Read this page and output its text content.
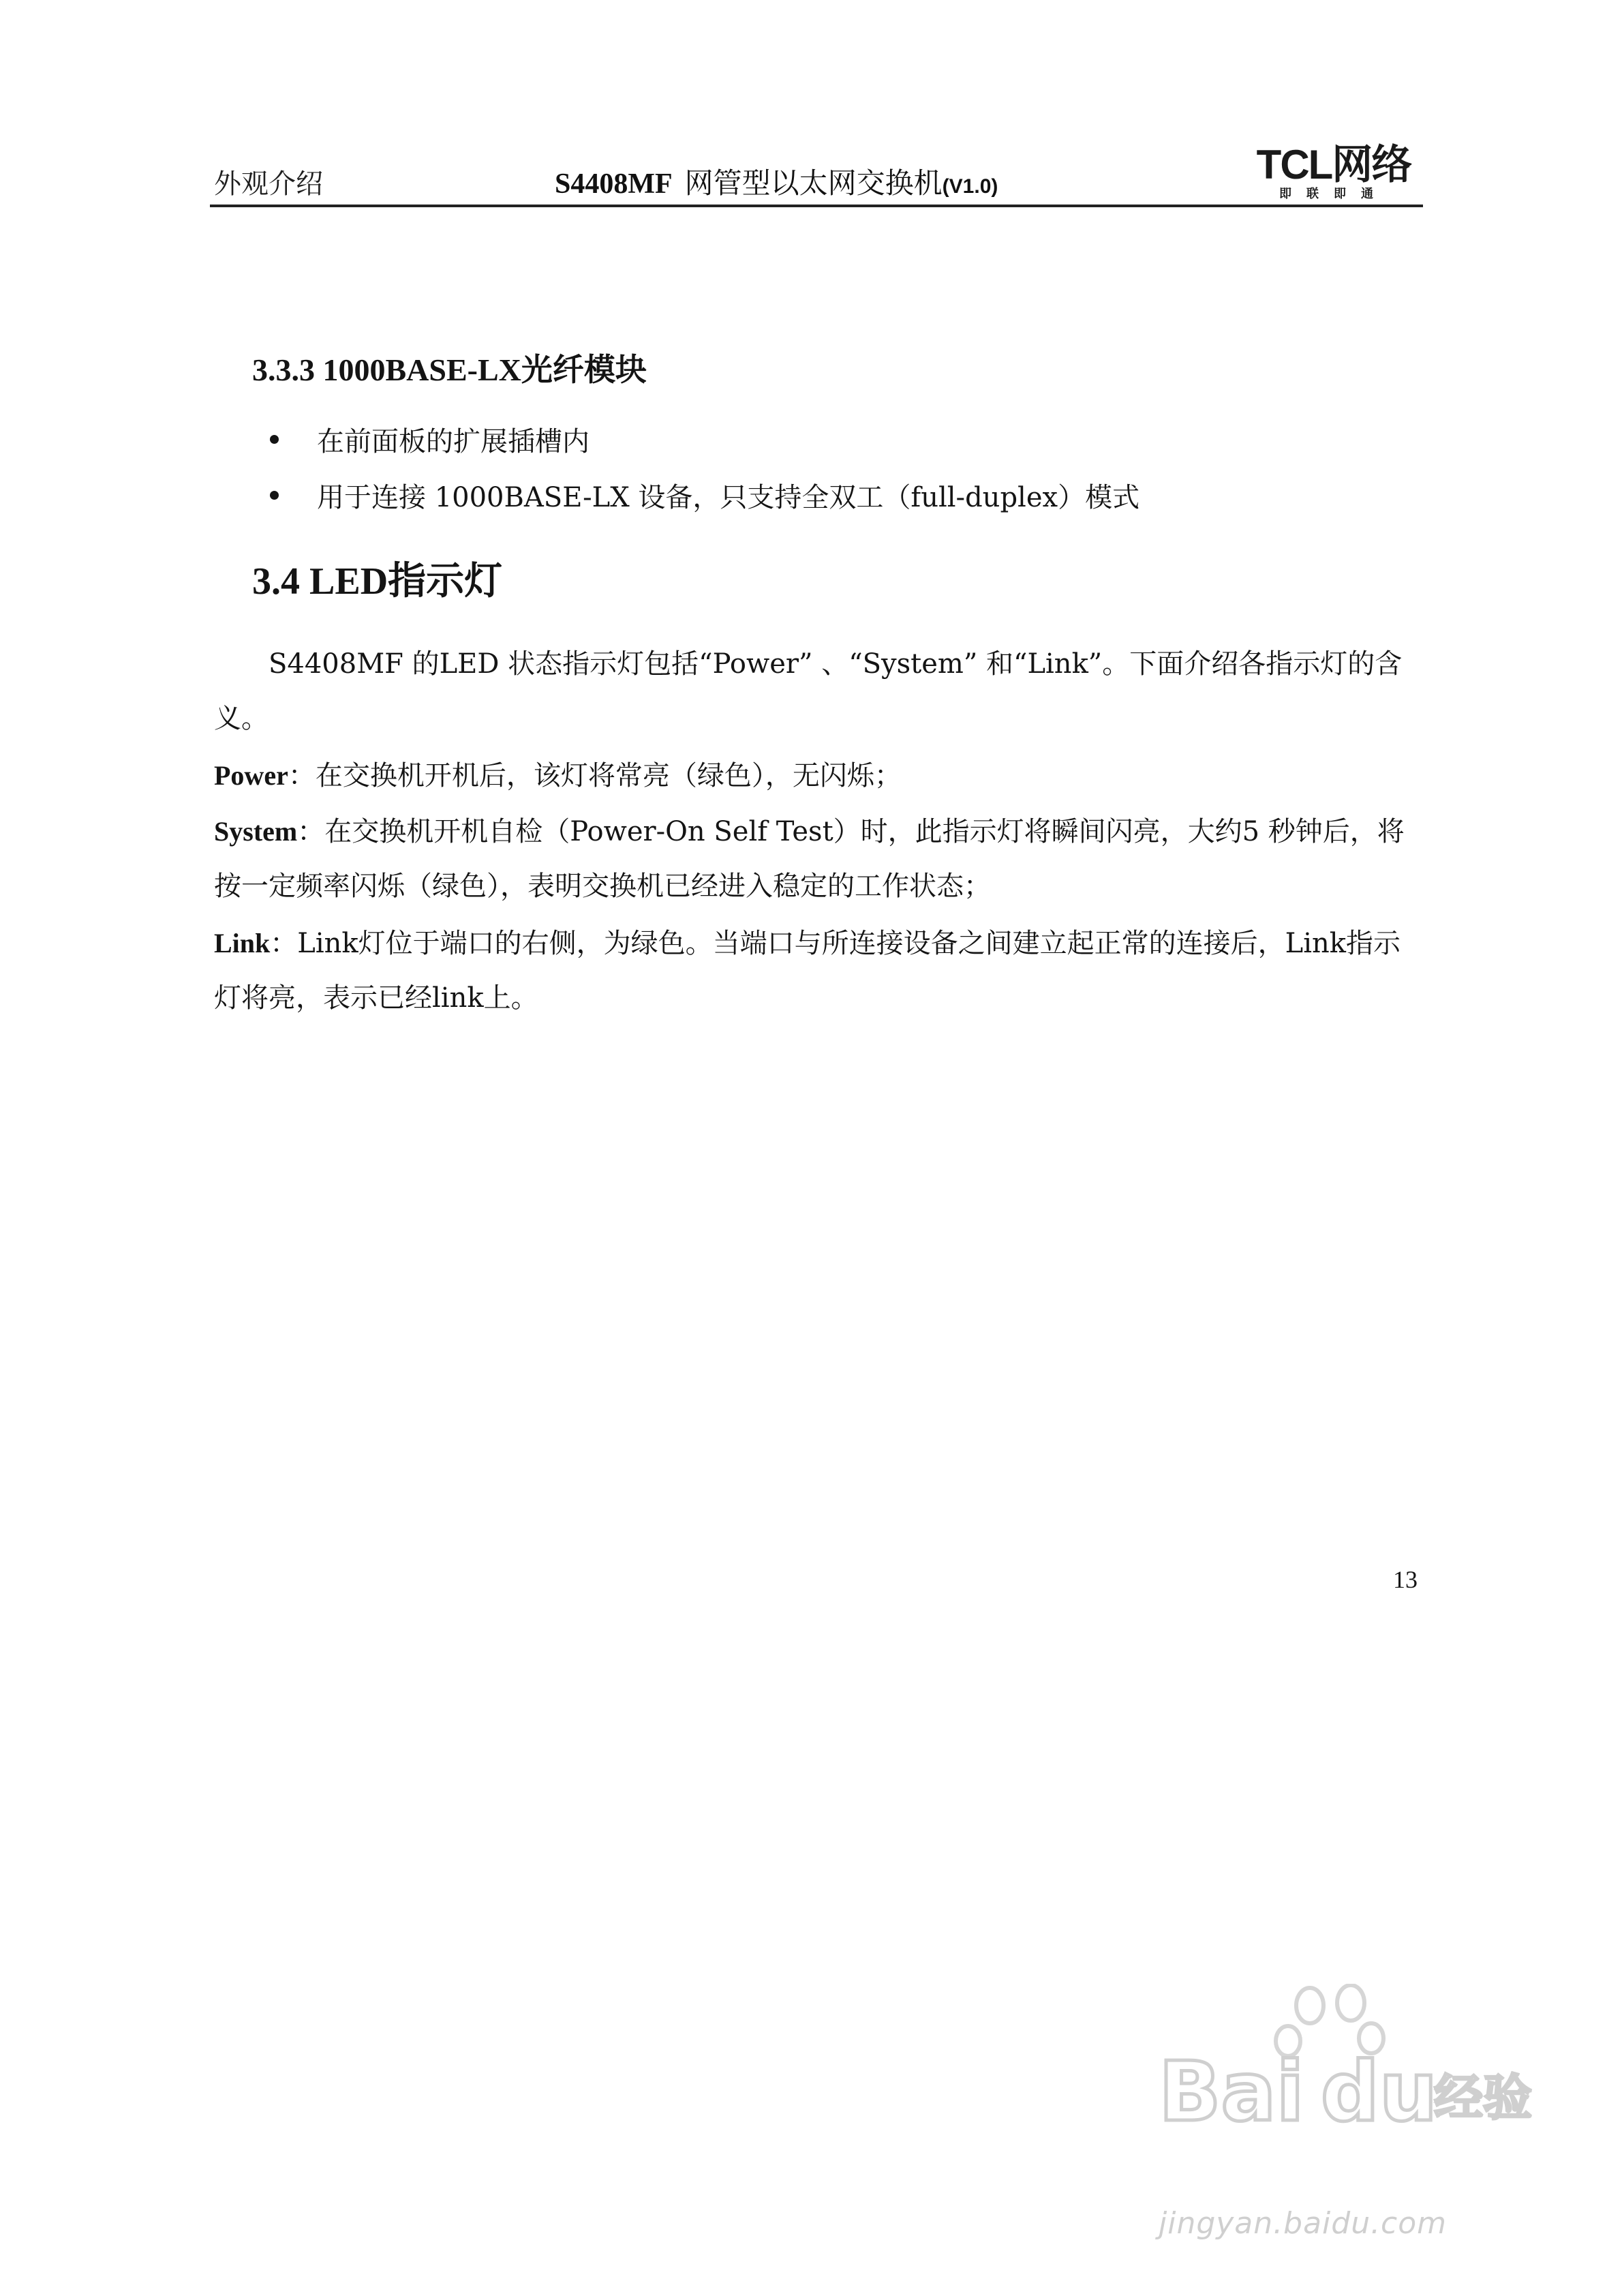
外观介绍	S4408MF 网管型以太网交换机(V1.0)	TCL网络
即联即通
3.3.3 1000BASE-LX光纤模块
在前面板的扩展插槽内
用于连接 1000BASE-LX 设备，只支持全双工（full-duplex）模式
3.4 LED指示灯
S4408MF 的LED 状态指示灯包括“Power” 、“System” 和“Link”。下面介绍各指示灯的含义。
Power：在交换机开机后，该灯将常亮（绿色），无闪烁；
System：在交换机开机自检（Power-On Self Test）时，此指示灯将瞬间闪亮，大约5 秒钟后，将按一定频率闪烁（绿色），表明交换机已经进入稳定的工作状态；
Link：Link灯位于端口的右侧，为绿色。当端口与所连接设备之间建立起正常的连接后，Link指示灯将亮，表示已经link上。
13
Bai du
经验
jingyan.baidu.com
